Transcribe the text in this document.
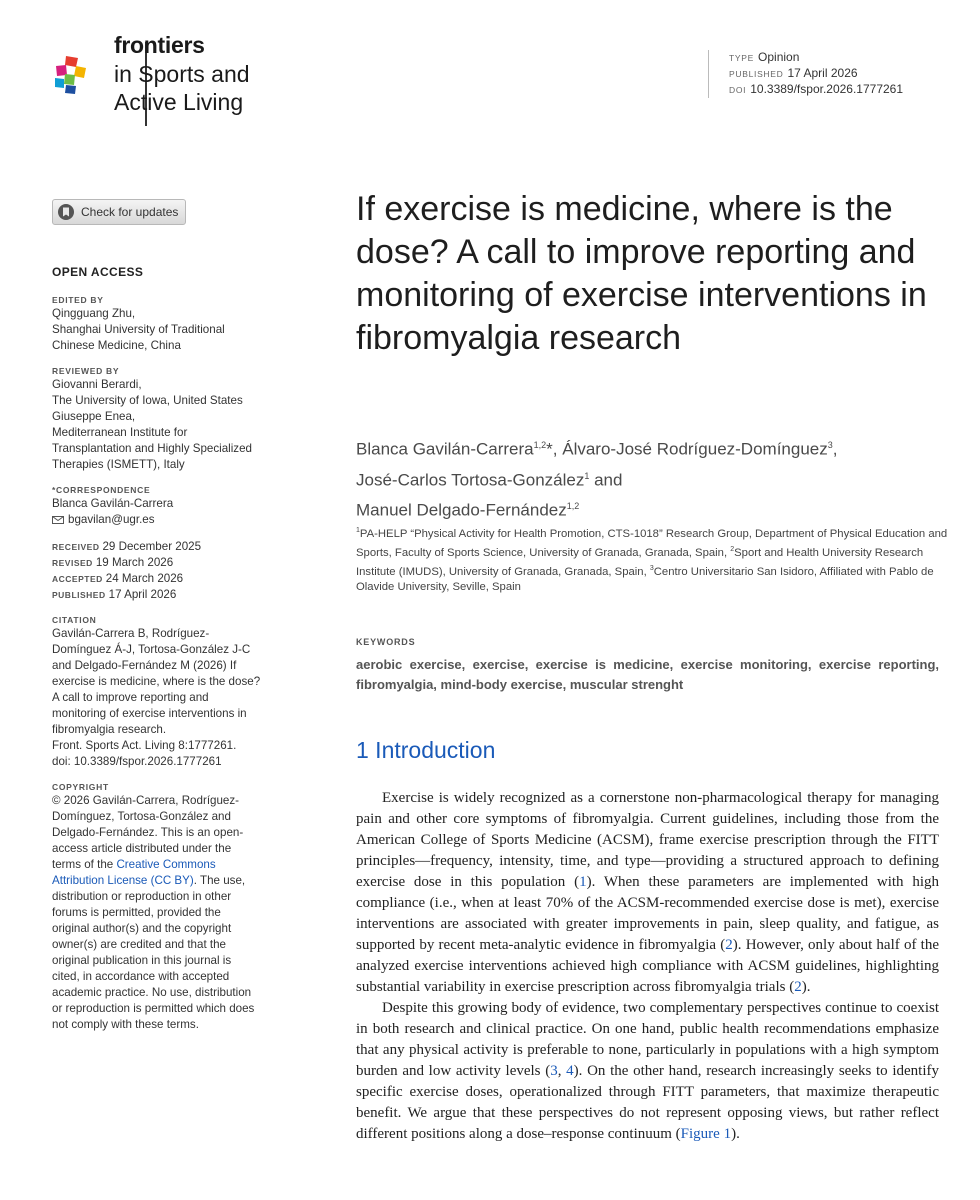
frontiers
in Sports and
Active Living
TYPE Opinion
PUBLISHED 17 April 2026
DOI 10.3389/fspor.2026.1777261
Check for updates
OPEN ACCESS
EDITED BY
Qingguang Zhu,
Shanghai University of Traditional
Chinese Medicine, China
REVIEWED BY
Giovanni Berardi,
The University of Iowa, United States
Giuseppe Enea,
Mediterranean Institute for
Transplantation and Highly Specialized
Therapies (ISMETT), Italy
*CORRESPONDENCE
Blanca Gavilán-Carrera
bgavilan@ugr.es
RECEIVED 29 December 2025
REVISED 19 March 2026
ACCEPTED 24 March 2026
PUBLISHED 17 April 2026
CITATION
Gavilán-Carrera B, Rodríguez-
Domínguez Á-J, Tortosa-González J-C
and Delgado-Fernández M (2026) If
exercise is medicine, where is the dose?
A call to improve reporting and
monitoring of exercise interventions in
fibromyalgia research.
Front. Sports Act. Living 8:1777261.
doi: 10.3389/fspor.2026.1777261
COPYRIGHT
© 2026 Gavilán-Carrera, Rodríguez-
Domínguez, Tortosa-González and
Delgado-Fernández. This is an open-
access article distributed under the
terms of the Creative Commons
Attribution License (CC BY). The use,
distribution or reproduction in other
forums is permitted, provided the
original author(s) and the copyright
owner(s) are credited and that the
original publication in this journal is
cited, in accordance with accepted
academic practice. No use, distribution
or reproduction is permitted which does
not comply with these terms.
If exercise is medicine, where is the dose? A call to improve reporting and monitoring of exercise interventions in fibromyalgia research
Blanca Gavilán-Carrera$^{1,2}$*, Álvaro-José Rodríguez-Domínguez$^3$,
José-Carlos Tortosa-González$^1$ and
Manuel Delgado-Fernández$^{1,2}$
$^1$PA-HELP “Physical Activity for Health Promotion, CTS-1018” Research Group, Department of Physical Education and Sports, Faculty of Sports Science, University of Granada, Granada, Spain, $^2$Sport and Health University Research Institute (IMUDS), University of Granada, Granada, Spain, $^3$Centro Universitario San Isidoro, Affiliated with Pablo de Olavide University, Seville, Spain
KEYWORDS
aerobic exercise, exercise, exercise is medicine, exercise monitoring, exercise reporting, fibromyalgia, mind-body exercise, muscular strenght
1 Introduction

Exercise is widely recognized as a cornerstone non-pharmacological therapy for managing pain and other core symptoms of fibromyalgia. Current guidelines, including those from the American College of Sports Medicine (ACSM), frame exercise prescription through the FITT principles—frequency, intensity, time, and type—providing a structured approach to defining exercise dose in this population (1). When these parameters are implemented with high compliance (i.e., when at least 70% of the ACSM-recommended exercise dose is met), exercise interventions are associated with greater improvements in pain, sleep quality, and fatigue, as supported by recent meta-analytic evidence in fibromyalgia (2). However, only about half of the analyzed exercise interventions achieved high compliance with ACSM guidelines, highlighting substantial variability in exercise prescription across fibromyalgia trials (2).

Despite this growing body of evidence, two complementary perspectives continue to coexist in both research and clinical practice. On one hand, public health recommendations emphasize that any physical activity is preferable to none, particularly in populations with a high symptom burden and low activity levels (3, 4). On the other hand, research increasingly seeks to identify specific exercise doses, operationalized through FITT parameters, that maximize therapeutic benefit. We argue that these perspectives do not represent opposing views, but rather reflect different positions along a dose–response continuum (Figure 1).
